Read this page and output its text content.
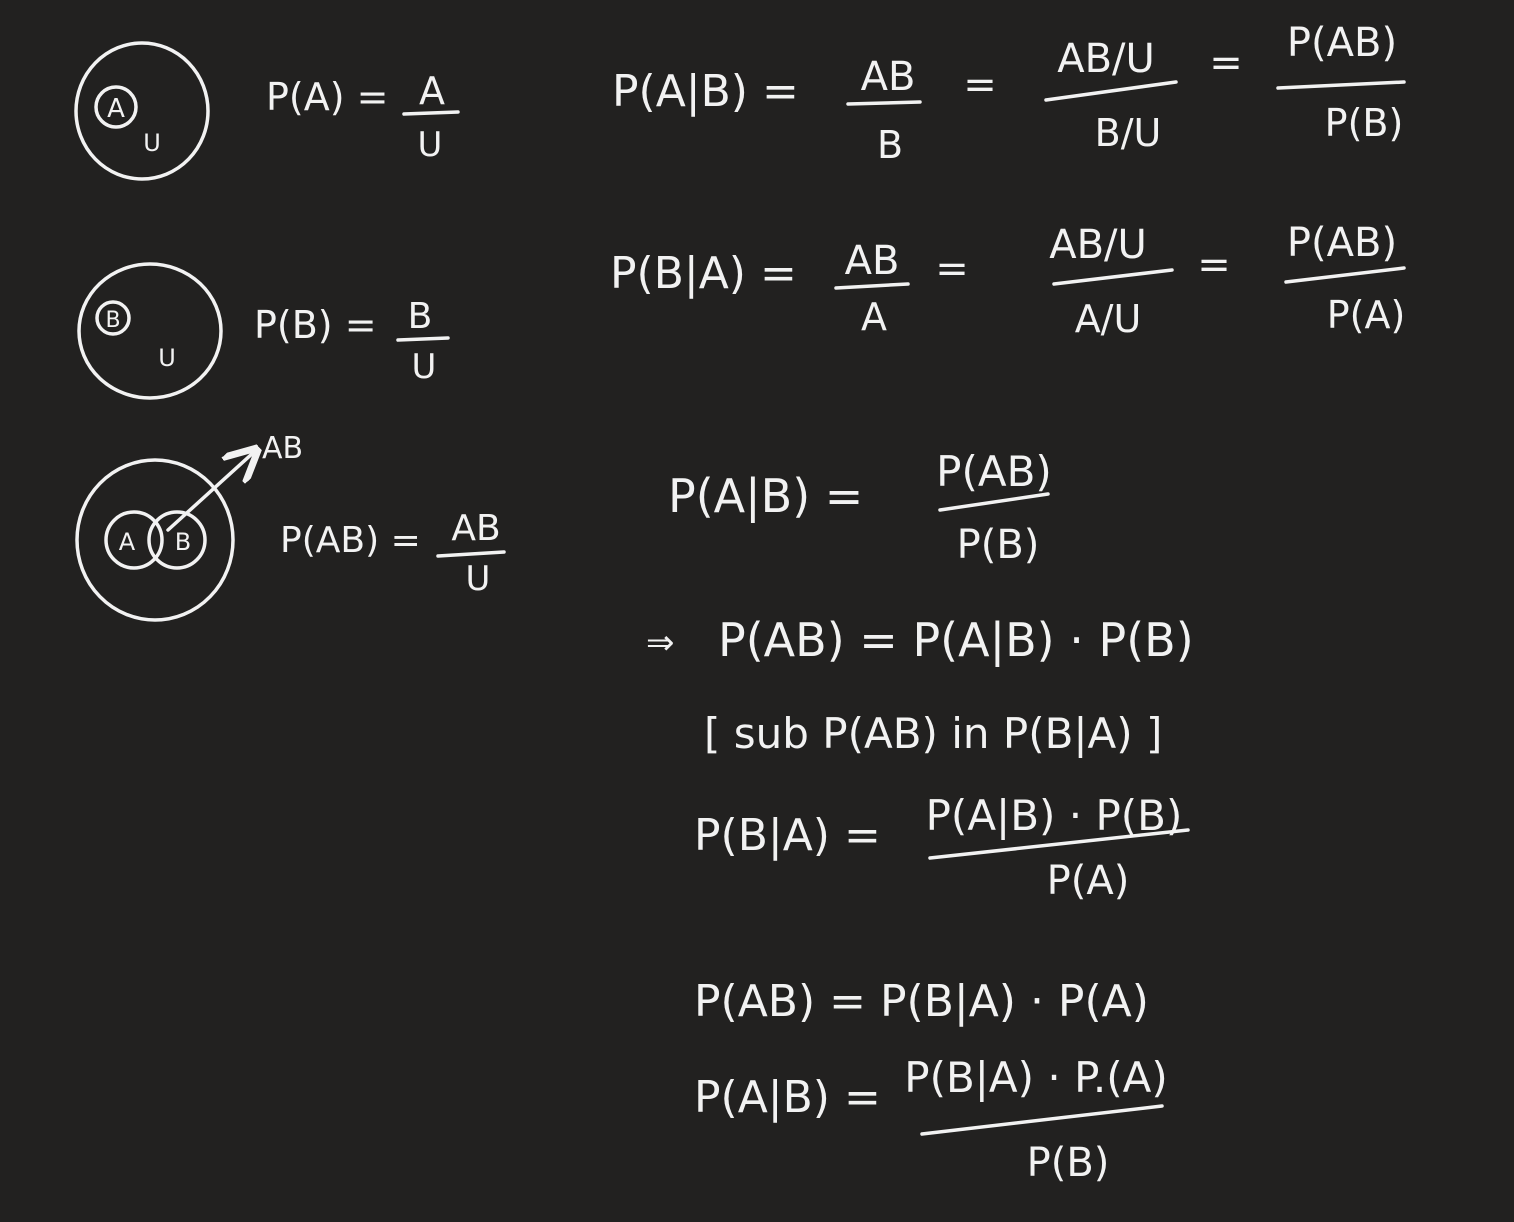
A
U
B
U
A B
AB
P(A) = A
U
P(B) = B
U
P(AB) = AB
U
P(A|B) = AB
B
=
AB/U
B/U
= P(AB)
P(B)
P(B|A) = AB
A
=
AB/U
A/U
= P(AB)
P(A)
P(A|B) = P(AB)
P(B)
⇒ P(AB) = P(A|B) · P(B)
[ sub P(AB) in P(B|A) ]
P(B|A) = P(A|B) · P(B)
P(A)
P(AB) = P(B|A) · P(A)
P(A|B) = P(B|A) · P.(A)
P(B)
